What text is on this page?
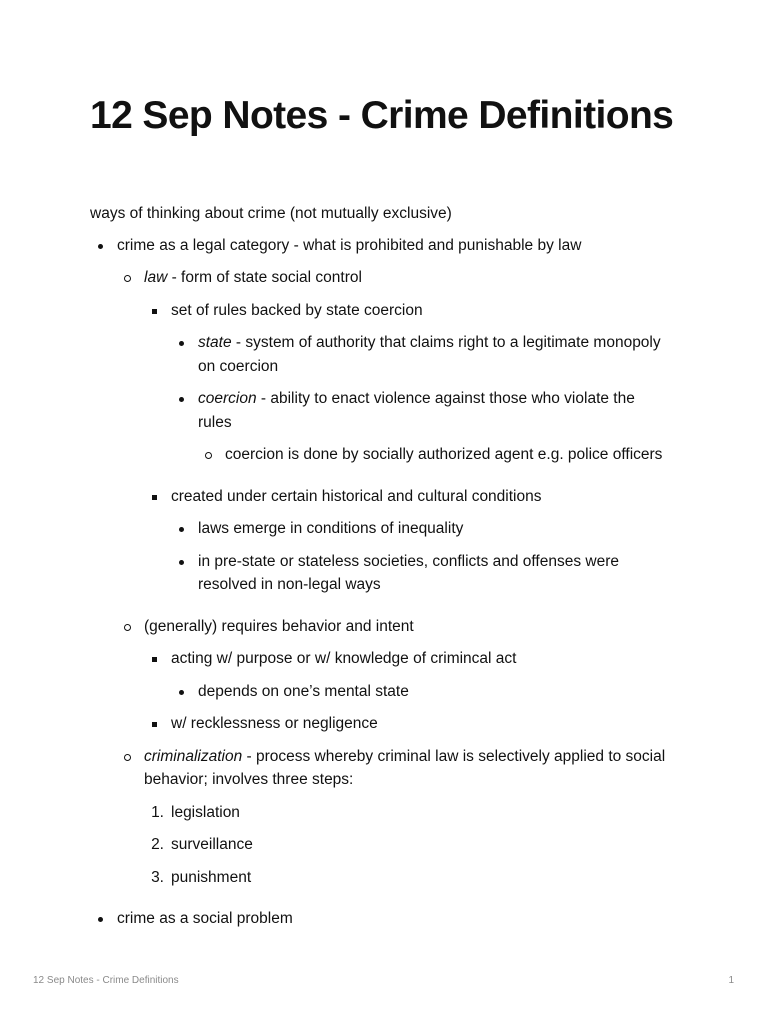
12 Sep Notes - Crime Definitions

ways of thinking about crime (not mutually exclusive)

crime as a legal category - what is prohibited and punishable by law
law - form of state social control
set of rules backed by state coercion
state - system of authority that claims right to a legitimate monopoly on coercion
coercion - ability to enact violence against those who violate the rules
coercion is done by socially authorized agent e.g. police officers
created under certain historical and cultural conditions
laws emerge in conditions of inequality
in pre-state or stateless societies, conflicts and offenses were resolved in non-legal ways
(generally) requires behavior and intent
acting w/ purpose or w/ knowledge of crimincal act
depends on one’s mental state
w/ recklessness or negligence
criminalization - process whereby criminal law is selectively applied to social behavior; involves three steps:
1. legislation
2. surveillance
3. punishment
crime as a social problem
12 Sep Notes - Crime Definitions	1
